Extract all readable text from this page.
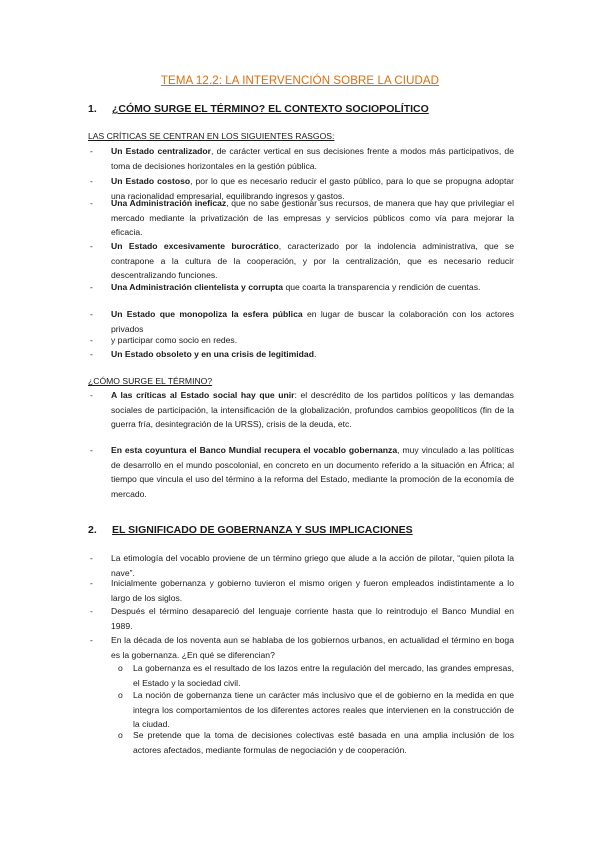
TEMA 12.2: LA INTERVENCIÓN SOBRE LA CIUDAD
1. ¿CÓMO SURGE EL TÉRMINO? EL CONTEXTO SOCIOPOLÍTICO
LAS CRÍTICAS SE CENTRAN EN LOS SIGUIENTES RASGOS:
- Un Estado centralizador, de carácter vertical en sus decisiones frente a modos más participativos, de toma de decisiones horizontales en la gestión pública.
- Un Estado costoso, por lo que es necesario reducir el gasto público, para lo que se propugna adoptar una racionalidad empresarial, equilibrando ingresos y gastos.
- Una Administración ineficaz, que no sabe gestionar sus recursos, de manera que hay que privilegiar el mercado mediante la privatización de las empresas y servicios públicos como vía para mejorar la eficacia.
- Un Estado excesivamente burocrático, caracterizado por la indolencia administrativa, que se contrapone a la cultura de la cooperación, y por la centralización, que es necesario reducir descentralizando funciones.
- Una Administración clientelista y corrupta que coarta la transparencia y rendición de cuentas.
- Un Estado que monopoliza la esfera pública en lugar de buscar la colaboración con los actores privados
- y participar como socio en redes.
- Un Estado obsoleto y en una crisis de legitimidad.
¿CÓMO SURGE EL TÉRMINO?
- A las críticas al Estado social hay que unir: el descrédito de los partidos políticos y las demandas sociales de participación, la intensificación de la globalización, profundos cambios geopolíticos (fin de la guerra fría, desintegración de la URSS), crisis de la deuda, etc.
- En esta coyuntura el Banco Mundial recupera el vocablo gobernanza, muy vinculado a las políticas de desarrollo en el mundo poscolonial, en concreto en un documento referido a la situación en África; al tiempo que vincula el uso del término a la reforma del Estado, mediante la promoción de la economía de mercado.
2. EL SIGNIFICADO DE GOBERNANZA Y SUS IMPLICACIONES
- La etimología del vocablo proviene de un término griego que alude a la acción de pilotar, “quien pilota la nave”.
- Inicialmente gobernanza y gobierno tuvieron el mismo origen y fueron empleados indistintamente a lo largo de los siglos.
- Después el término desapareció del lenguaje corriente hasta que lo reintrodujo el Banco Mundial en 1989.
- En la década de los noventa aun se hablaba de los gobiernos urbanos, en actualidad el término en boga es la gobernanza. ¿En qué se diferencian?
o La gobernanza es el resultado de los lazos entre la regulación del mercado, las grandes empresas, el Estado y la sociedad civil.
o La noción de gobernanza tiene un carácter más inclusivo que el de gobierno en la medida en que integra los comportamientos de los diferentes actores reales que intervienen en la construcción de la ciudad.
o Se pretende que la toma de decisiones colectivas esté basada en una amplia inclusión de los actores afectados, mediante formulas de negociación y de cooperación.
